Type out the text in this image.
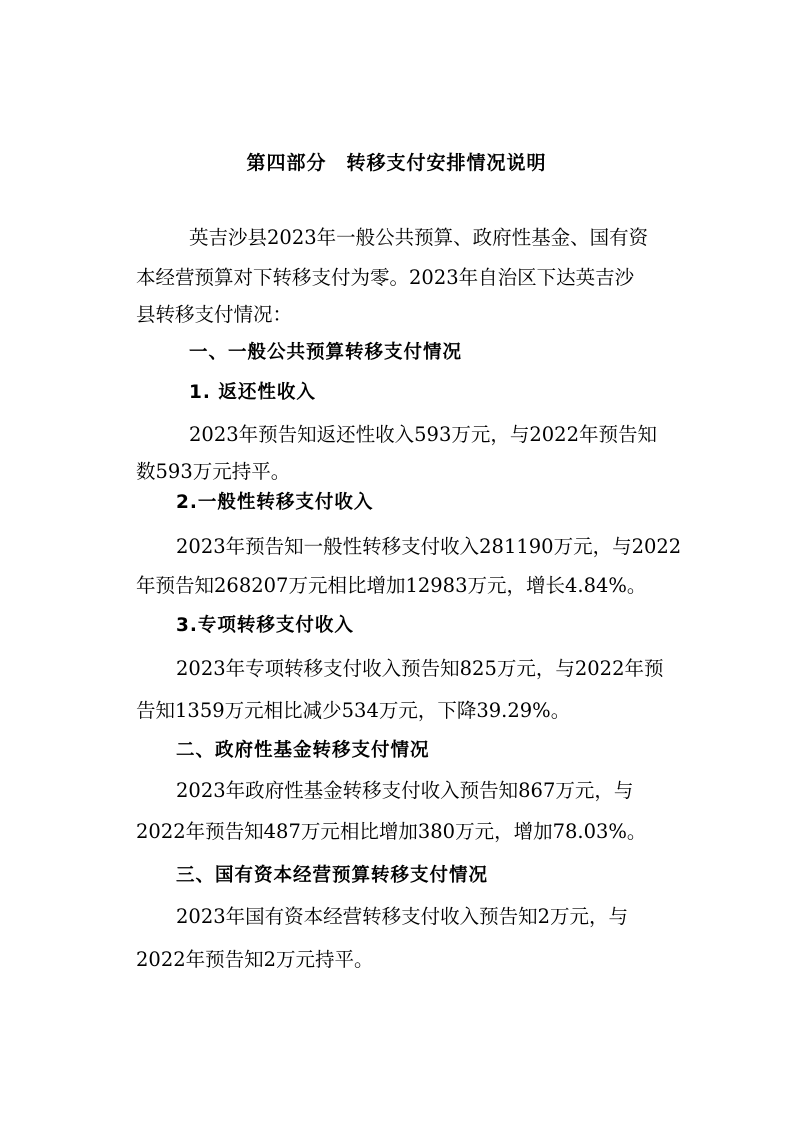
第四部分　转移支付安排情况说明
英吉沙县2023年一般公共预算、政府性基金、国有资
本经营预算对下转移支付为零。2023年自治区下达英吉沙
县转移支付情况：
一、一般公共预算转移支付情况
1. 返还性收入
2023年预告知返还性收入593万元，与2022年预告知
数593万元持平。
2.一般性转移支付收入
2023年预告知一般性转移支付收入281190万元，与2022
年预告知268207万元相比增加12983万元，增长4.84%。
3.专项转移支付收入
2023年专项转移支付收入预告知825万元，与2022年预
告知1359万元相比减少534万元，下降39.29%。
二、政府性基金转移支付情况
2023年政府性基金转移支付收入预告知867万元，与
2022年预告知487万元相比增加380万元，增加78.03%。
三、国有资本经营预算转移支付情况
2023年国有资本经营转移支付收入预告知2万元，与
2022年预告知2万元持平。
